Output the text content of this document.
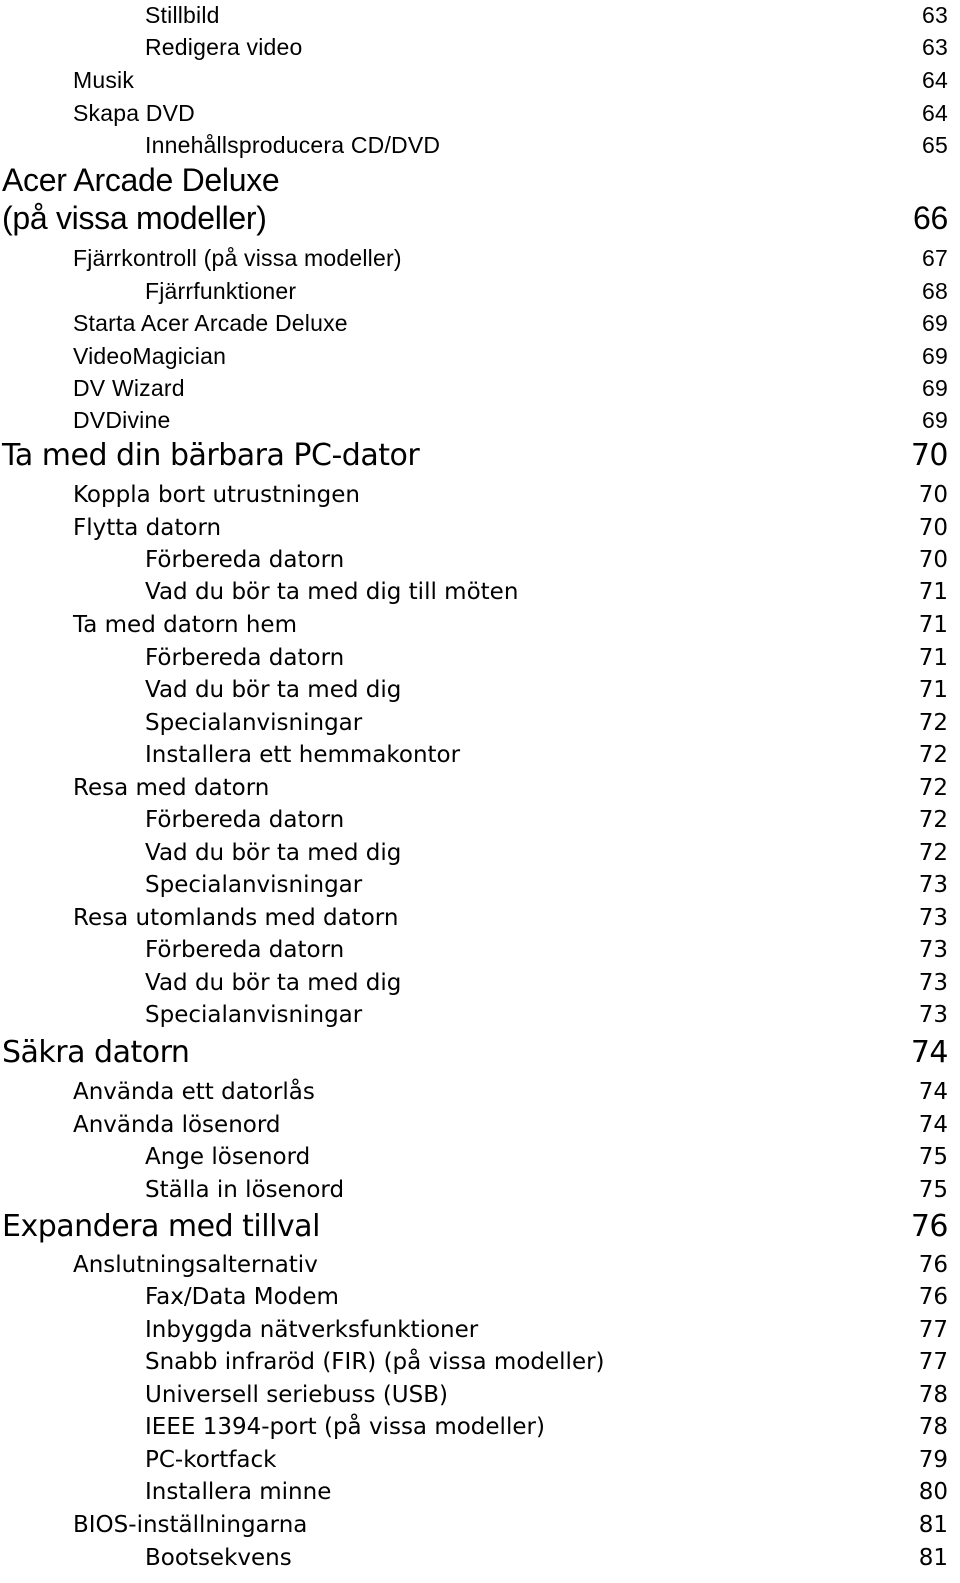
Stillbild	63
Redigera video	63
Musik	64
Skapa DVD	64
Innehållsproducera CD/DVD	65
Acer Arcade Deluxe
(på vissa modeller)	66
Fjärrkontroll (på vissa modeller)	67
Fjärrfunktioner	68
Starta Acer Arcade Deluxe	69
VideoMagician	69
DV Wizard	69
DVDivine	69
Ta med din bärbara PC-dator	70
Koppla bort utrustningen	70
Flytta datorn	70
Förbereda datorn	70
Vad du bör ta med dig till möten	71
Ta med datorn hem	71
Förbereda datorn	71
Vad du bör ta med dig	71
Specialanvisningar	72
Installera ett hemmakontor	72
Resa med datorn	72
Förbereda datorn	72
Vad du bör ta med dig	72
Specialanvisningar	73
Resa utomlands med datorn	73
Förbereda datorn	73
Vad du bör ta med dig	73
Specialanvisningar	73
Säkra datorn	74
Använda ett datorlås	74
Använda lösenord	74
Ange lösenord	75
Ställa in lösenord	75
Expandera med tillval	76
Anslutningsalternativ	76
Fax/Data Modem	76
Inbyggda nätverksfunktioner	77
Snabb infraröd (FIR) (på vissa modeller)	77
Universell seriebuss (USB)	78
IEEE 1394-port (på vissa modeller)	78
PC-kortfack	79
Installera minne	80
BIOS-inställningarna	81
Bootsekvens	81
